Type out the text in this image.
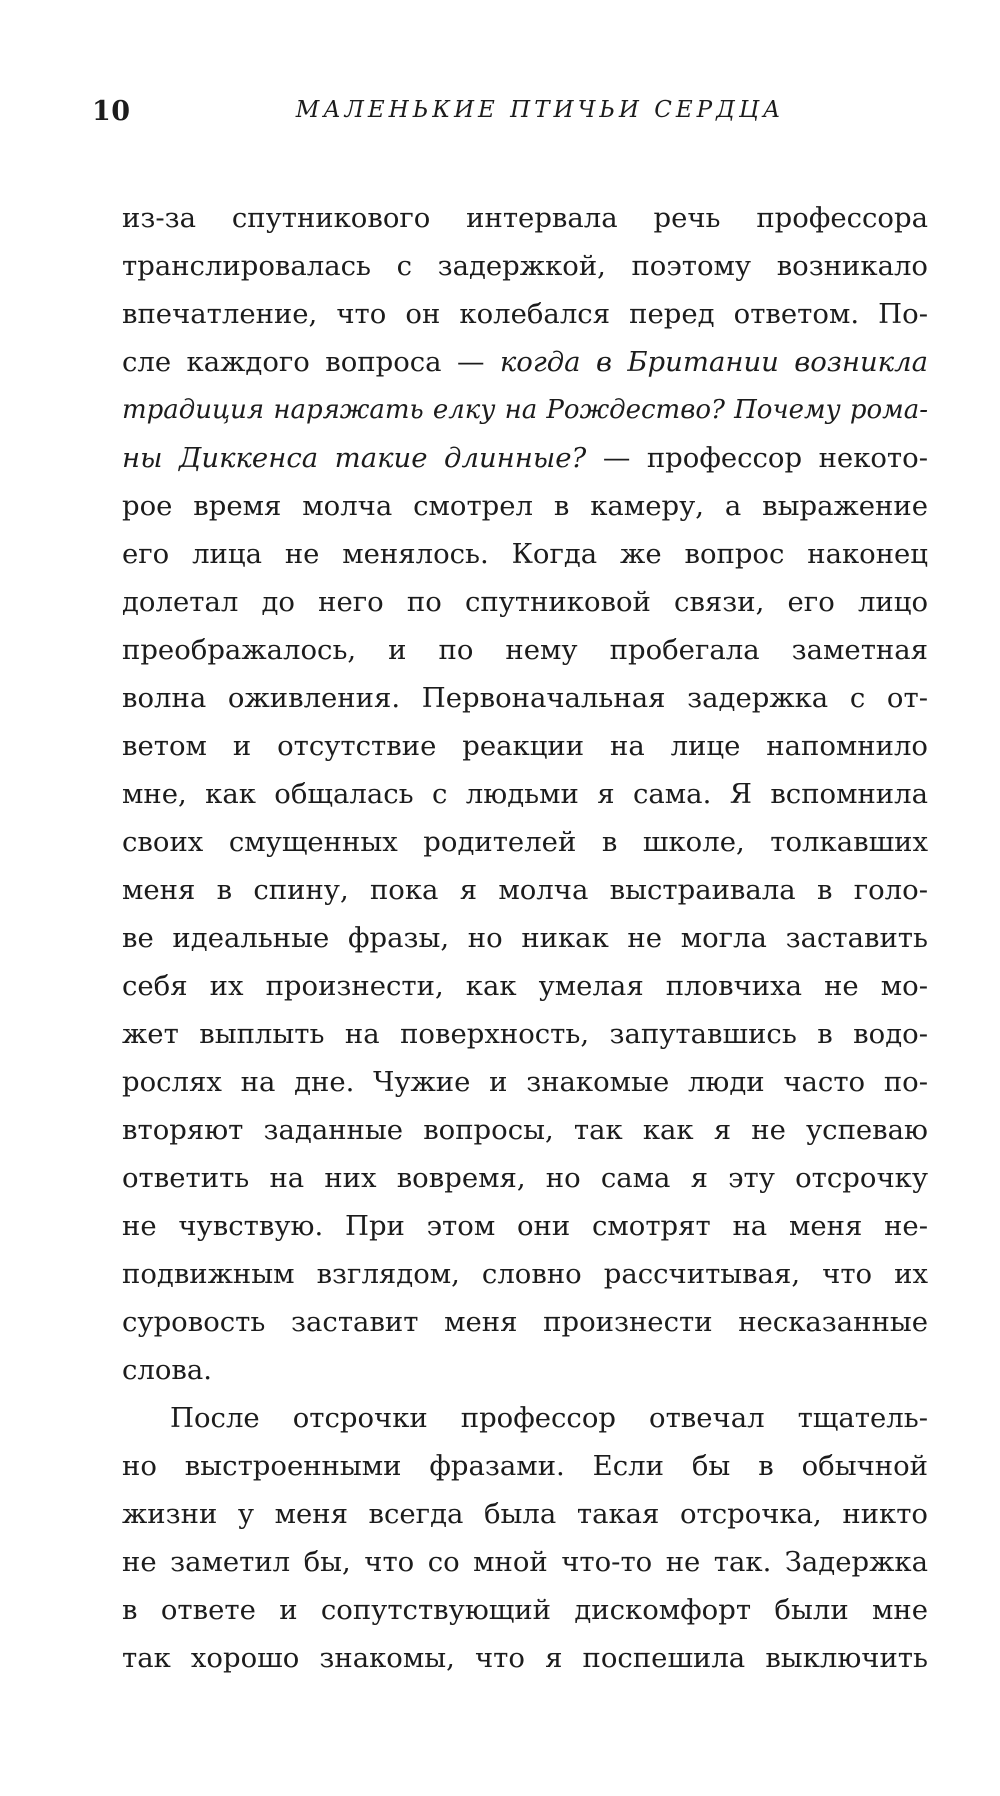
10	МАЛЕНЬКИЕ ПТИЧЬИ СЕРДЦА
из-за спутникового интервала речь профессора
транслировалась с задержкой, поэтому возникало
впечатление, что он колебался перед ответом. По-
сле каждого вопроса — когда в Британии возникла
традиция наряжать елку на Рождество? Почему рома-
ны Диккенса такие длинные? — профессор некото-
рое время молча смотрел в камеру, а выражение
его лица не менялось. Когда же вопрос наконец
долетал до него по спутниковой связи, его лицо
преображалось, и по нему пробегала заметная
волна оживления. Первоначальная задержка с от-
ветом и отсутствие реакции на лице напомнило
мне, как общалась с людьми я сама. Я вспомнила
своих смущенных родителей в школе, толкавших
меня в спину, пока я молча выстраивала в голо-
ве идеальные фразы, но никак не могла заставить
себя их произнести, как умелая пловчиха не мо-
жет выплыть на поверхность, запутавшись в водо-
рослях на дне. Чужие и знакомые люди часто по-
вторяют заданные вопросы, так как я не успеваю
ответить на них вовремя, но сама я эту отсрочку
не чувствую. При этом они смотрят на меня не-
подвижным взглядом, словно рассчитывая, что их
суровость заставит меня произнести несказанные
слова.
После отсрочки профессор отвечал тщатель-
но выстроенными фразами. Если бы в обычной
жизни у меня всегда была такая отсрочка, никто
не заметил бы, что со мной что-то не так. Задержка
в ответе и сопутствующий дискомфорт были мне
так хорошо знакомы, что я поспешила выключить
